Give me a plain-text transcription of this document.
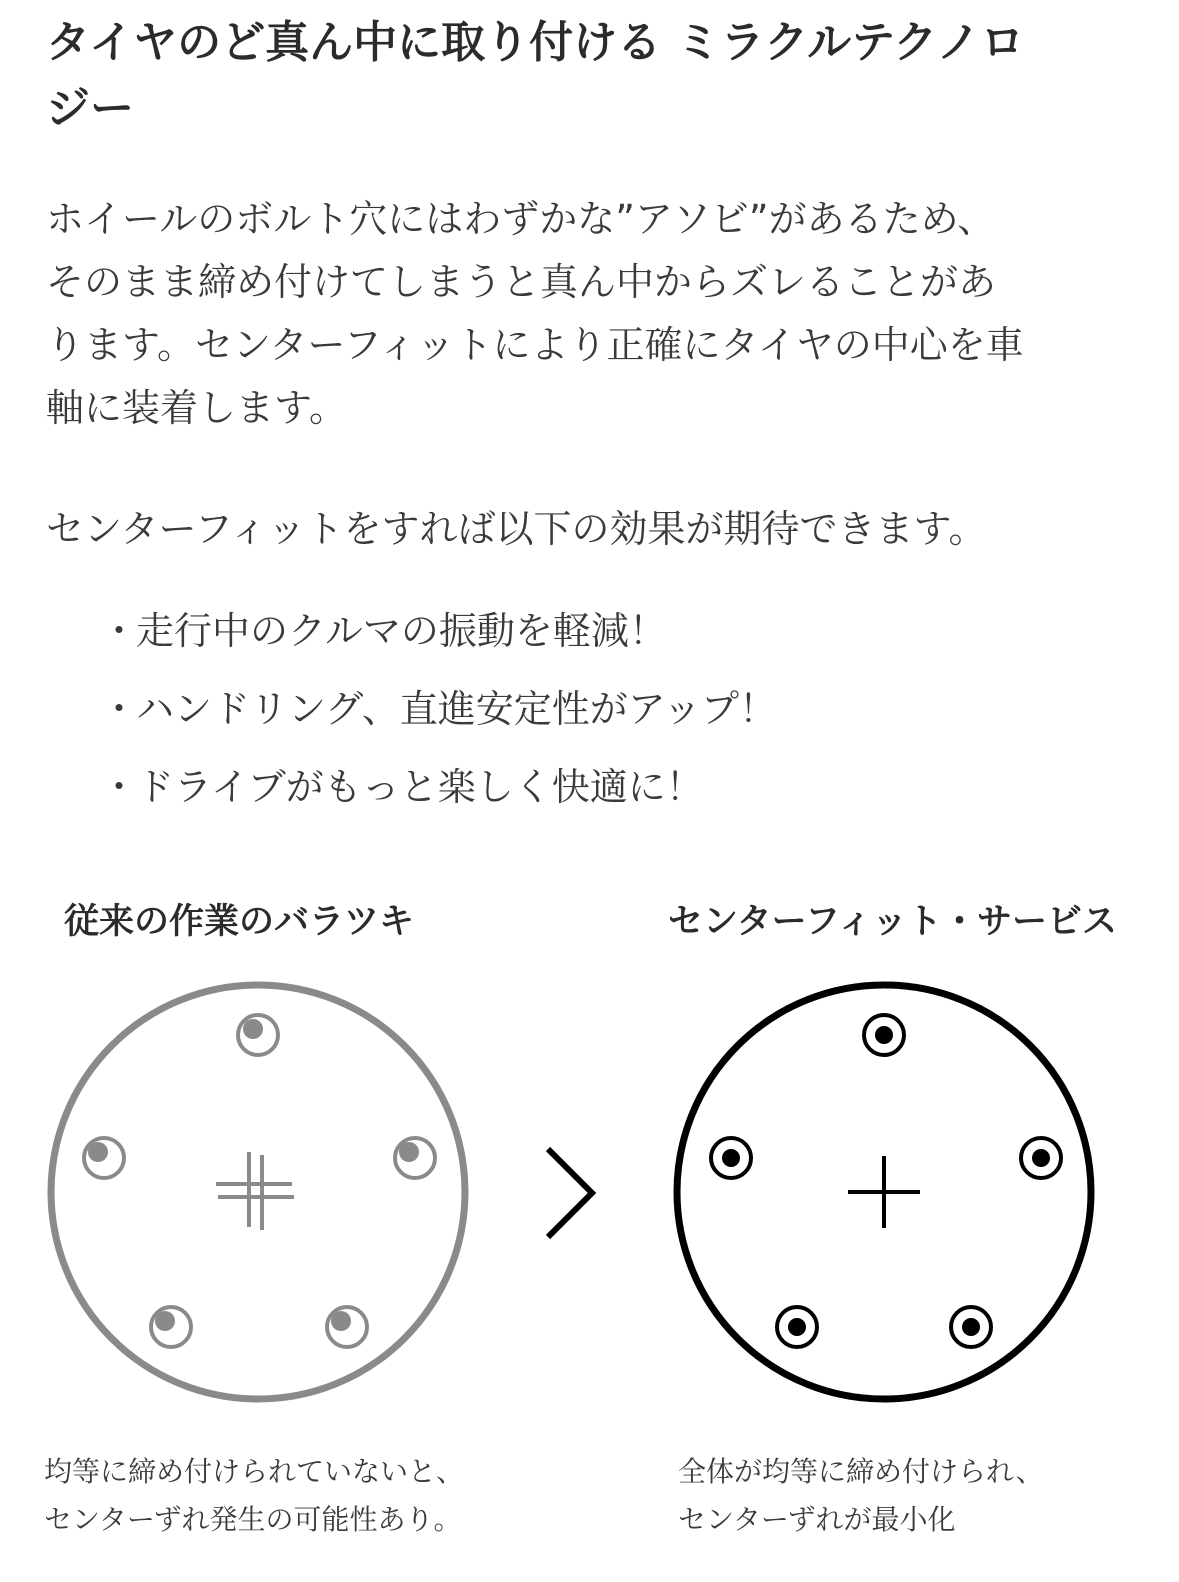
タイヤのど真ん中に取り付ける ミラクルテクノロ
ジー

ホイールのボルト穴にはわずかな”アソビ”があるため、
そのまま締め付けてしまうと真ん中からズレることがあ
ります。センターフィットにより正確にタイヤの中心を車
軸に装着します。

センターフィットをすれば以下の効果が期待できます。

・走行中のクルマの振動を軽減！
・ハンドリング、直進安定性がアップ！
・ドライブがもっと楽しく快適に！
従来の作業のバラツキ	センターフィット・サービス

均等に締め付けられていないと、
センターずれ発生の可能性あり。

全体が均等に締め付けられ、
センターずれが最小化
